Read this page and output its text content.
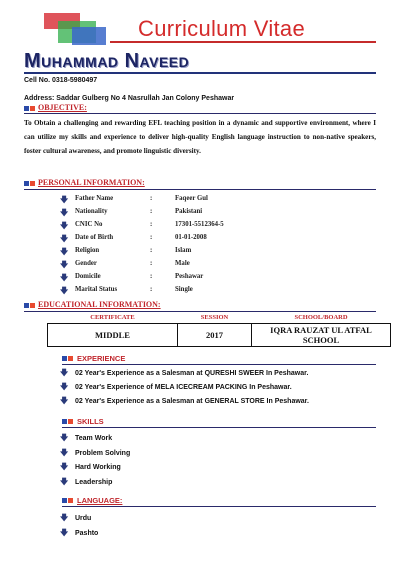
Curriculum Vitae
Muhammad Naveed
Cell No. 0318-5980497
Address: Saddar Gulberg No 4 Nasrullah Jan Colony Peshawar
OBJECTIVE:
To Obtain a challenging and rewarding EFL teaching position in a dynamic and supportive environment, where I can utilize my skills and experience to deliver high-quality English language instruction to non-native speakers, foster cultural awareness, and promote linguistic diversity.
PERSONAL INFORMATION:
🡇 Father Name	:	Faqeer Gul
🡇 Nationality	:	Pakistani
🡇 CNIC No	:	17301-5512364-5
🡇 Date of Birth	:	01-01-2008
🡇 Religion	:	Islam
🡇 Gender	:	Male
🡇 Domicile	:	Peshawar
🡇 Marital Status	:	Single
EDUCATIONAL INFORMATION:
CERTIFICATE	SESSION	SCHOOL/BOARD
MIDDLE	2017	IQRA RAUZAT UL ATFAL SCHOOL
EXPERIENCE
🡇 02 Year's Experience as a Salesman at QURESHI SWEER In Peshawar.
🡇 02 Year's Experience of MELA ICECREAM PACKING In Peshawar.
🡇 02 Year's Experience as a Salesman at GENERAL STORE In Peshawar.
SKILLS
🡇 Team Work
🡇 Problem Solving
🡇 Hard Working
🡇 Leadership
LANGUAGE:
🡇 Urdu
🡇 Pashto
